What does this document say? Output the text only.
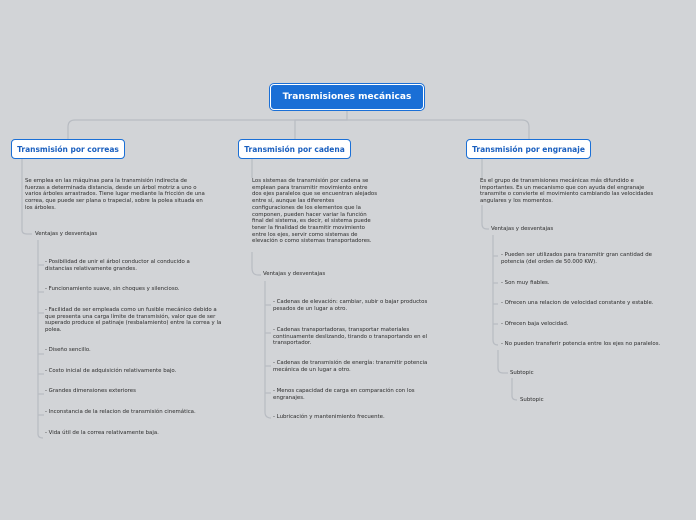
Transmisiones mecánicas
Transmisión por correas
Se emplea en las máquinas para la transmisión indirecta de fuerzas a determinada distancia, desde un árbol motriz a uno o varios árboles arrastrados. Tiene lugar mediante la fricción de una correa, que puede ser plana o trapecial, sobre la polea situada en los árboles.
Ventajas y desventajas
- Posibilidad de unir el árbol conductor al conducido a distancias relativamente grandes.
- Funcionamiento suave, sin choques y silencioso.
- Facilidad de ser empleada como un fusible mecánico debido a que presenta una carga límite de transmisión, valor que de ser superado produce el patinaje (resbalamiento) entre la correa y la polea.
- Diseño sencillo.
- Costo inicial de adquisición relativamente bajo.
- Grandes dimensiones exteriores
- Inconstancia de la relacion de transmisión cinemática.
- Vida útil de la correa relativamente baja.
Transmisión por cadena
Los sistemas de transmisión por cadena se emplean para transmitir movimiento entre dos ejes paralelos que se encuentran alejados entre sí, aunque las diferentes configuraciones de los elementos que la componen, pueden hacer variar la función final del sistema, es decir, el sistema puede tener la finalidad de trasmitir movimiento entre los ejes, servir como sistemas de elevación o como sistemas transportadores.
Ventajas y desventajas
- Cadenas de elevación: cambiar, subir o bajar productos pesados de un lugar a otro.
- Cadenas transportadoras, transportar materiales continuamente deslizando, tirando o transportando en el transportador.
- Cadenas de transmisión de energía: transmitir potencia mecánica de un lugar a otro.
- Menos capacidad de carga en comparación con los engranajes.
- Lubricación y mantenimiento frecuente.
Transmisión por engranaje
Es el grupo de transmisiones mecánicas más difundido e importantes. Es un mecanismo que con ayuda del engranaje transmite o convierte el movimiento cambiando las velocidades angulares y los momentos.
Ventajas y desventajas
- Pueden ser utilizados para transmitir gran cantidad de potencia (del orden de 50.000 KW).
- Son muy fiables.
- Ofrecen una relacion de velocidad constante y estable.
- Ofrecen baja velocidad.
- No pueden transferir potencia entre los ejes no paralelos.
Subtopic
Subtopic
